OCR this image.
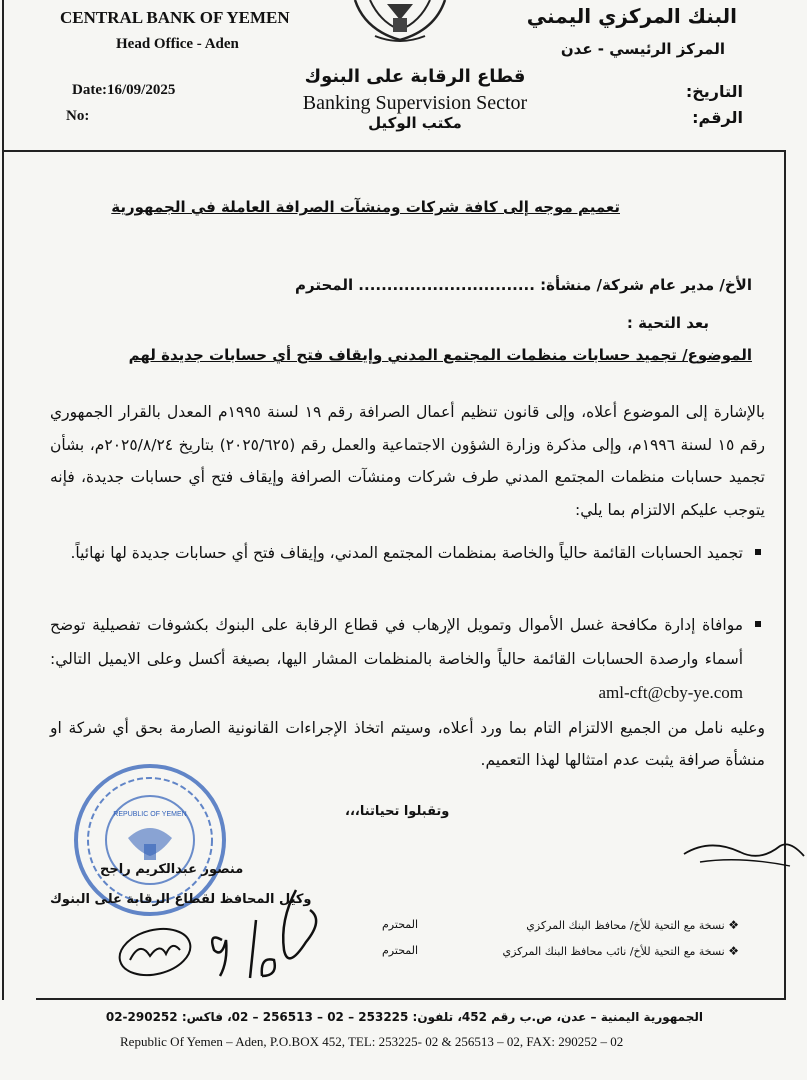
CENTRAL BANK OF YEMEN
Head Office - Aden
Date:16/09/2025
No:
البنك المركزي اليمني
المركز الرئيسي - عدن
التاريخ:
الرقم:
قطاع الرقابة على البنوك
Banking Supervision Sector
مكتب الوكيل
تعميم موجه إلى كافة شركات ومنشآت الصرافة العاملة في الجمهورية
الأخ/ مدير عام شركة/ منشأة: ............................... المحترم
بعد التحية :
الموضوع/ تجميد حسابات منظمات المجتمع المدني وإيقاف فتح أي حسابات جديدة لهم
بالإشارة إلى الموضوع أعلاه، وإلى قانون تنظيم أعمال الصرافة رقم ١٩ لسنة ١٩٩٥م المعدل بالقرار الجمهوري رقم ١٥ لسنة ١٩٩٦م، وإلى مذكرة وزارة الشؤون الاجتماعية والعمل رقم (٢٠٢٥/٦٢٥) بتاريخ ٢٠٢٥/٨/٢٤م، بشأن تجميد حسابات منظمات المجتمع المدني طرف شركات ومنشآت الصرافة وإيقاف فتح أي حسابات جديدة، فإنه يتوجب عليكم الالتزام بما يلي:
تجميد الحسابات القائمة حالياً والخاصة بمنظمات المجتمع المدني، وإيقاف فتح أي حسابات جديدة لها نهائياً.
موافاة إدارة مكافحة غسل الأموال وتمويل الإرهاب في قطاع الرقابة على البنوك بكشوفات تفصيلية توضح أسماء وارصدة الحسابات القائمة حالياً والخاصة بالمنظمات المشار اليها، بصيغة أكسل وعلى الايميل التالي: aml-cft@cby-ye.com
وعليه نامل من الجميع الالتزام التام بما ورد أعلاه، وسيتم اتخاذ الإجراءات القانونية الصارمة بحق أي شركة او منشأة صرافة يثبت عدم امتثالها لهذا التعميم.
وتقبلوا تحياتنا،،،
REPUBLIC OF YEMEN
منصور عبدالكريم راجح
وكيل المحافظ لقطاع الرقابة على البنوك
❖ نسخة مع التحية للأخ/ محافظ البنك المركزي
المحترم
❖ نسخة مع التحية للأخ/ نائب محافظ البنك المركزي
المحترم
الجمهورية اليمنية – عدن، ص.ب رقم 452، تلفون: 253225 – 02 – 256513 – 02، فاكس: 290252-02
Republic Of Yemen – Aden, P.O.BOX 452, TEL: 253225- 02 & 256513 – 02, FAX: 290252 – 02
